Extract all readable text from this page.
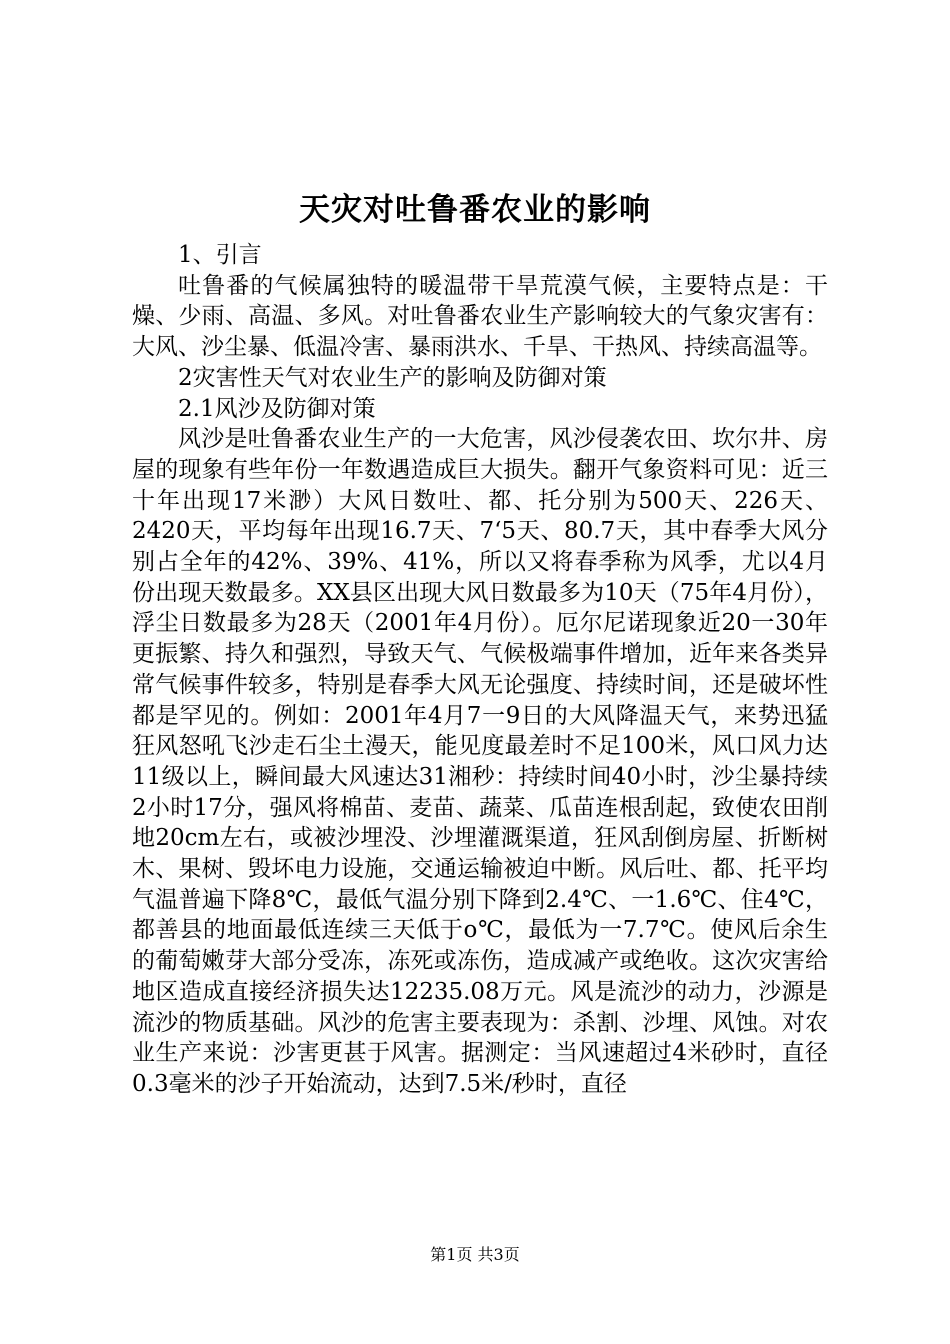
天灾对吐鲁番农业的影响

1、引言

吐鲁番的气候属独特的暖温带干旱荒漠气候，主要特点是：干燥、少雨、高温、多风。对吐鲁番农业生产影响较大的气象灾害有：大风、沙尘暴、低温冷害、暴雨洪水、千旱、干热风、持续高温等。

2灾害性天气对农业生产的影响及防御对策

2.1风沙及防御对策

风沙是吐鲁番农业生产的一大危害，风沙侵袭农田、坎尔井、房屋的现象有些年份一年数遇造成巨大损失。翻开气象资料可见：近三十年出现17米渺）大风日数吐、都、托分别为500天、226天、2420天，平均每年出现16.7天、7‘5天、80.7天，其中春季大风分别占全年的42%、39%、41%，所以又将春季称为风季，尤以4月份出现天数最多。XX县区出现大风日数最多为10天（75年4月份），浮尘日数最多为28天（2001年4月份）。厄尔尼诺现象近20一30年更振繁、持久和强烈，导致天气、气候极端事件增加，近年来各类异常气候事件较多，特别是春季大风无论强度、持续时间，还是破坏性都是罕见的。例如：2001年4月7一9日的大风降温天气，来势迅猛狂风怒吼飞沙走石尘土漫天，能见度最差时不足100米，风口风力达11级以上，瞬间最大风速达31湘秒：持续时间40小时，沙尘暴持续2小时17分，强风将棉苗、麦苗、蔬菜、瓜苗连根刮起，致使农田削地20cm左右，或被沙埋没、沙埋灌溉渠道，狂风刮倒房屋、折断树木、果树、毁坏电力设施，交通运输被迫中断。风后吐、都、托平均气温普遍下降8℃，最低气温分别下降到2.4℃、一1.6℃、住4℃，都善县的地面最低连续三天低于o℃，最低为一7.7℃。使风后余生的葡萄嫩芽大部分受冻，冻死或冻伤，造成减产或绝收。这次灾害给地区造成直接经济损失达12235.08万元。风是流沙的动力，沙源是流沙的物质基础。风沙的危害主要表现为：杀割、沙埋、风蚀。对农业生产来说：沙害更甚于风害。据测定：当风速超过4米砂时，直径0.3毫米的沙子开始流动，达到7.5米/秒时，直径

第1页 共3页
